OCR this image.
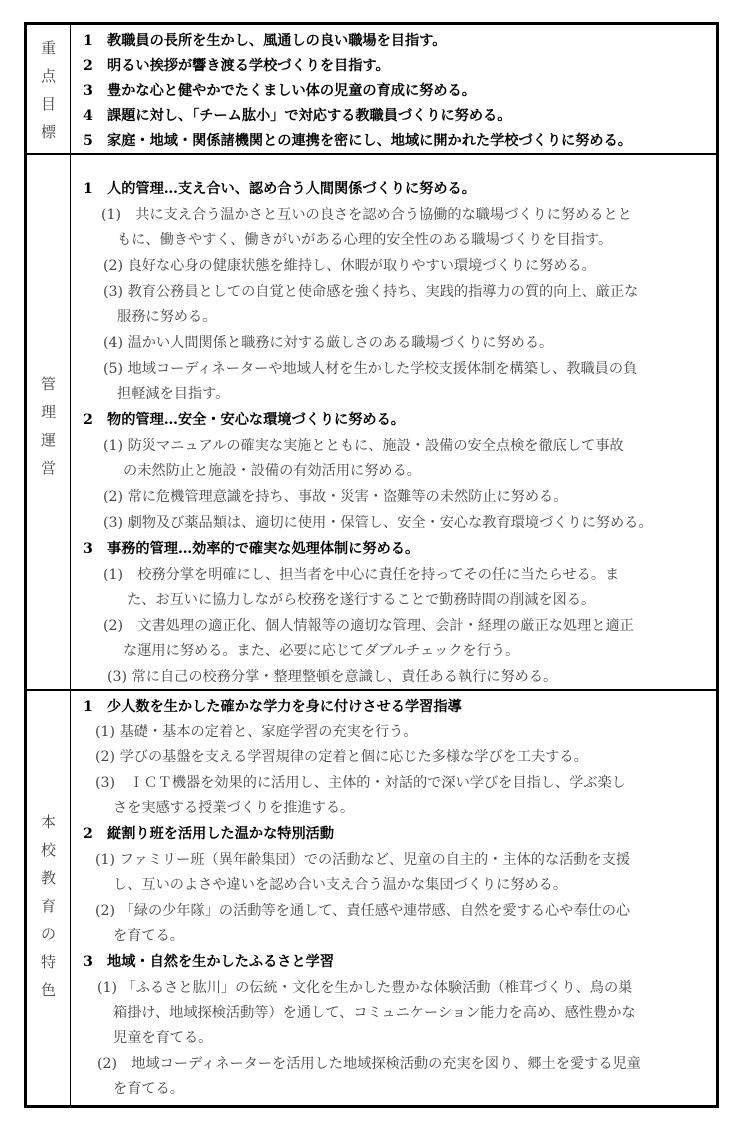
重
点
目
標
1　教職員の長所を生かし、風通しの良い職場を目指す。
2　明るい挨拶が響き渡る学校づくりを目指す。
3　豊かな心と健やかでたくましい体の児童の育成に努める。
4　課題に対し、「チーム肱小」で対応する教職員づくりに努める。
5　家庭・地域・関係諸機関との連携を密にし、地域に開かれた学校づくりに努める。
管
理
運
営
1　人的管理…支え合い、認め合う人間関係づくりに努める。
(1)　共に支え合う温かさと互いの良さを認め合う協働的な職場づくりに努めるとと
もに、働きやすく、働きがいがある心理的安全性のある職場づくりを目指す。
(2) 良好な心身の健康状態を維持し、休暇が取りやすい環境づくりに努める。
(3) 教育公務員としての自覚と使命感を強く持ち、実践的指導力の質的向上、厳正な
服務に努める。
(4) 温かい人間関係と職務に対する厳しさのある職場づくりに努める。
(5) 地域コーディネーターや地域人材を生かした学校支援体制を構築し、教職員の負
担軽減を目指す。
2　物的管理…安全・安心な環境づくりに努める。
(1) 防災マニュアルの確実な実施とともに、施設・設備の安全点検を徹底して事故
の未然防止と施設・設備の有効活用に努める。
(2) 常に危機管理意識を持ち、事故・災害・盗難等の未然防止に努める。
(3) 劇物及び薬品類は、適切に使用・保管し、安全・安心な教育環境づくりに努める。
3　事務的管理…効率的で確実な処理体制に努める。
(1)　校務分掌を明確にし、担当者を中心に責任を持ってその任に当たらせる。ま
た、お互いに協力しながら校務を遂行することで勤務時間の削減を図る。
(2)　文書処理の適正化、個人情報等の適切な管理、会計・経理の厳正な処理と適正
な運用に努める。また、必要に応じてダブルチェックを行う。
(3) 常に自己の校務分掌・整理整頓を意識し、責任ある執行に努める。
本
校
教
育
の
特
色
1　少人数を生かした確かな学力を身に付けさせる学習指導
(1) 基礎・基本の定着と、家庭学習の充実を行う。
(2) 学びの基盤を支える学習規律の定着と個に応じた多様な学びを工夫する。
(3)　ＩＣＴ機器を効果的に活用し、主体的・対話的で深い学びを目指し、学ぶ楽し
さを実感する授業づくりを推進する。
2　縦割り班を活用した温かな特別活動
(1) ファミリー班（異年齢集団）での活動など、児童の自主的・主体的な活動を支援
し、互いのよさや違いを認め合い支え合う温かな集団づくりに努める。
(2) 「緑の少年隊」の活動等を通して、責任感や連帯感、自然を愛する心や奉仕の心
を育てる。
3　地域・自然を生かしたふるさと学習
(1) 「ふるさと肱川」の伝統・文化を生かした豊かな体験活動（椎茸づくり、鳥の巣
箱掛け、地域探検活動等）を通して、コミュニケーション能力を高め、感性豊かな
児童を育てる。
(2)　地域コーディネーターを活用した地域探検活動の充実を図り、郷土を愛する児童
を育てる。
